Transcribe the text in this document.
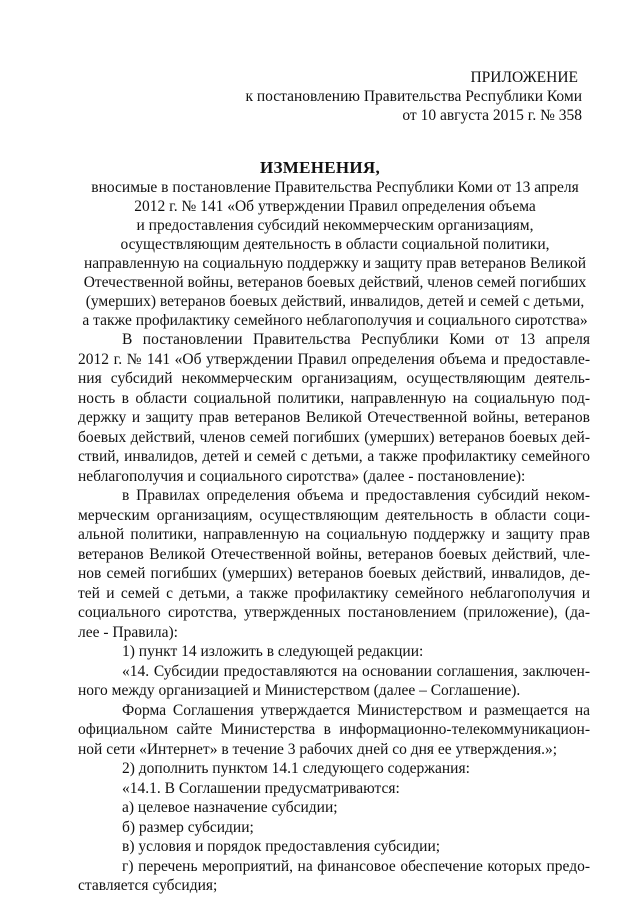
ПРИЛОЖЕНИЕ
к постановлению Правительства Республики Коми
от 10 августа 2015 г. № 358
ИЗМЕНЕНИЯ,
вносимые в постановление Правительства Республики Коми от 13 апреля
2012 г. № 141 «Об утверждении Правил определения объема
и предоставления субсидий некоммерческим организациям,
осуществляющим деятельность в области социальной политики,
направленную на социальную поддержку и защиту прав ветеранов Великой
Отечественной войны, ветеранов боевых действий, членов семей погибших
(умерших) ветеранов боевых действий, инвалидов, детей и семей с детьми,
а также профилактику семейного неблагополучия и социального сиротства»
В постановлении Правительства Республики Коми от 13 апреля
2012 г. № 141 «Об утверждении Правил определения объема и предоставле-
ния субсидий некоммерческим организациям, осуществляющим деятель-
ность в области социальной политики, направленную на социальную под-
держку и защиту прав ветеранов Великой Отечественной войны, ветеранов
боевых действий, членов семей погибших (умерших) ветеранов боевых дей-
ствий, инвалидов, детей и семей с детьми, а также профилактику семейного
неблагополучия и социального сиротства» (далее - постановление):
в Правилах определения объема и предоставления субсидий неком-
мерческим организациям, осуществляющим деятельность в области соци-
альной политики, направленную на социальную поддержку и защиту прав
ветеранов Великой Отечественной войны, ветеранов боевых действий, чле-
нов семей погибших (умерших) ветеранов боевых действий, инвалидов, де-
тей и семей с детьми, а также профилактику семейного неблагополучия и
социального сиротства, утвержденных постановлением (приложение), (да-
лее - Правила):
1) пункт 14 изложить в следующей редакции:
«14. Субсидии предоставляются на основании соглашения, заключен-
ного между организацией и Министерством (далее – Соглашение).
Форма Соглашения утверждается Министерством и размещается на
официальном сайте Министерства в информационно-телекоммуникацион-
ной сети «Интернет» в течение 3 рабочих дней со дня ее утверждения.»;
2) дополнить пунктом 14.1 следующего содержания:
«14.1. В Соглашении предусматриваются:
а) целевое назначение субсидии;
б) размер субсидии;
в) условия и порядок предоставления субсидии;
г) перечень мероприятий, на финансовое обеспечение которых предо-
ставляется субсидия;
